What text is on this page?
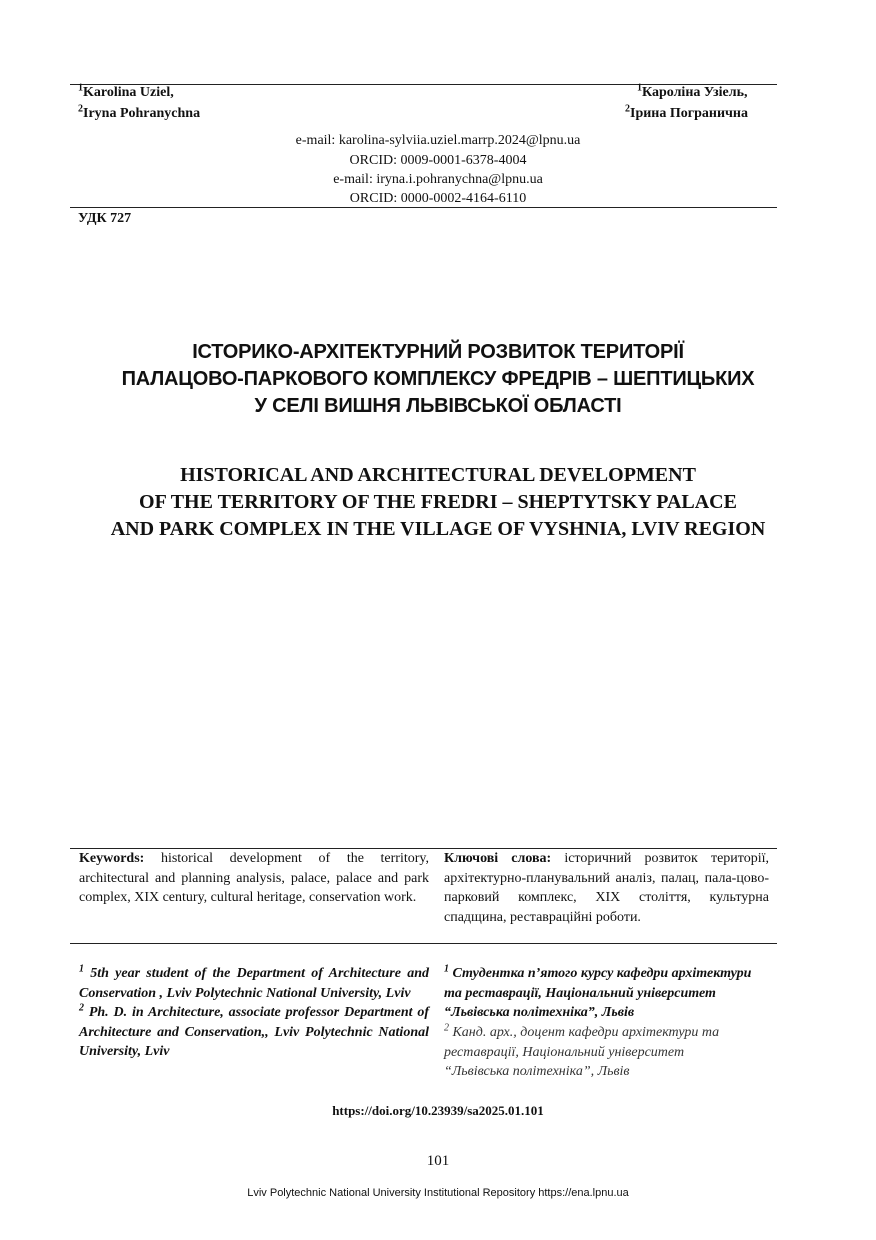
$^1$Karolina Uziel,
$^2$Iryna Pohranychna
$^1$Кароліна Узіель,
$^2$Ірина Погранична
e-mail: karolina-sylviia.uziel.marrp.2024@lpnu.ua
ORCID: 0009-0001-6378-4004
e-mail: iryna.i.pohranychna@lpnu.ua
ORCID: 0000-0002-4164-6110
УДК 727
ІСТОРИКО-АРХІТЕКТУРНИЙ РОЗВИТОК ТЕРИТОРІЇ
ПАЛАЦОВО-ПАРКОВОГО КОМПЛЕКСУ ФРЕДРІВ – ШЕПТИЦЬКИХ
У СЕЛІ ВИШНЯ ЛЬВІВСЬКОЇ ОБЛАСТІ
HISTORICAL AND ARCHITECTURAL DEVELOPMENT
OF THE TERRITORY OF THE FREDRI – SHEPTYTSKY PALACE
AND PARK COMPLEX IN THE VILLAGE OF VYSHNIA, LVIV REGION
Keywords: historical development of the territory, architectural and planning analysis, palace, palace and park complex, XIX century, cultural heritage, conservation work.
Ключові слова: історичний розвиток території, архітектурно-планувальний аналіз, палац, пала-цово-парковий комплекс, XIX століття, культурна спадщина, реставраційні роботи.
$^1$ 5th year student of the Department of Architecture and Conservation , Lviv Polytechnic National University, Lviv
$^2$ Ph. D. in Architecture, associate professor Department of Architecture and Conservation,, Lviv Polytechnic National University, Lviv
$^1$ Студентка п’ятого курсу кафедри архітектури та реставрації, Національний університет “Львівська політехніка”, Львів
$^2$ Канд. арх., доцент кафедри архітектури та реставрації, Національний університет “Львівська політехніка”, Львів
https://doi.org/10.23939/sa2025.01.101
101
Lviv Polytechnic National University Institutional Repository https://ena.lpnu.ua
